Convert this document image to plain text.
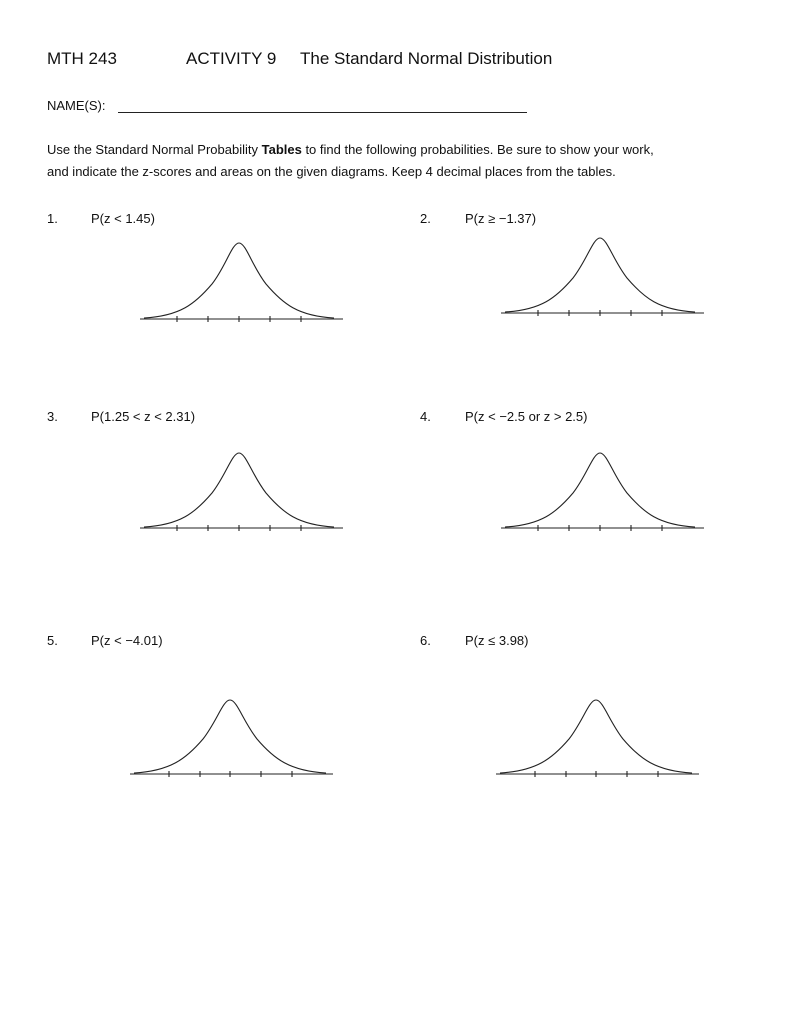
MTH 243	ACTIVITY 9 The Standard Normal Distribution
NAME(S):
Use the Standard Normal Probability Tables to find the following probabilities. Be sure to show your work,
and indicate the z-scores and areas on the given diagrams. Keep 4 decimal places from the tables.
1.	P(z < 1.45)	2.	P(z ≥ −1.37)
3.	P(1.25 < z < 2.31)	4.	P(z < −2.5 or z > 2.5)
5.	P(z < −4.01)	6.	P(z ≤ 3.98)
